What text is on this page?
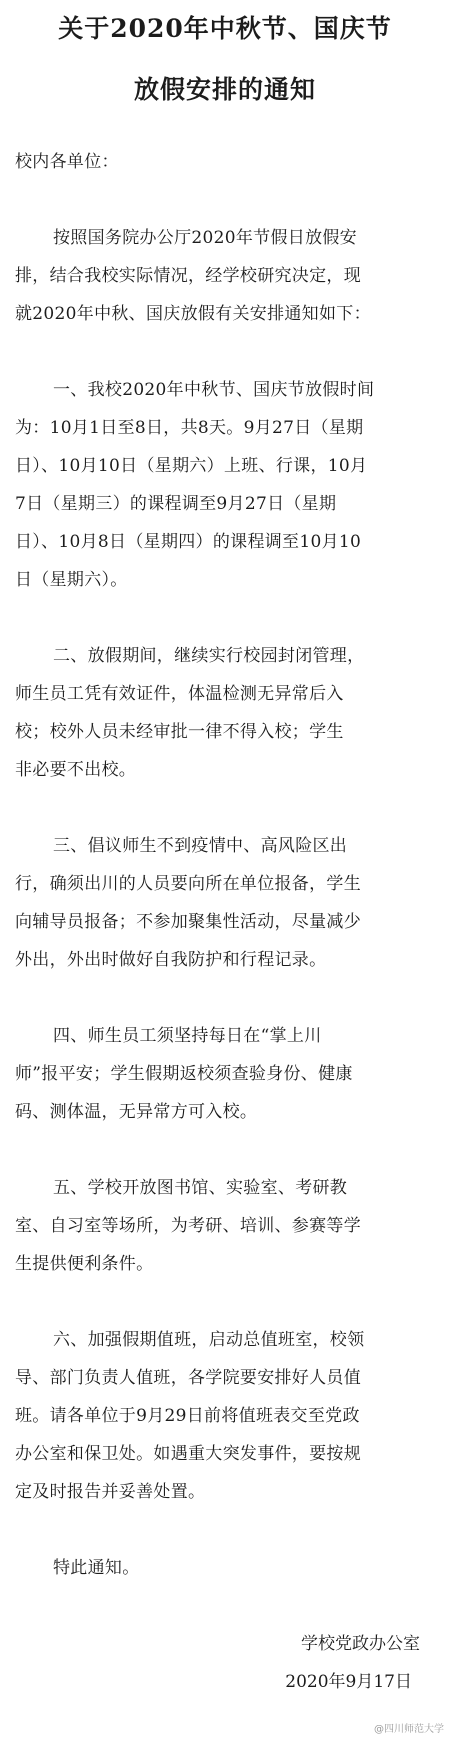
关于2020年中秋节、国庆节
放假安排的通知
校内各单位：
按照国务院办公厅2020年节假日放假安
排，结合我校实际情况，经学校研究决定，现
就2020年中秋、国庆放假有关安排通知如下：
一、我校2020年中秋节、国庆节放假时间
为：10月1日至8日，共8天。9月27日（星期
日）、10月10日（星期六）上班、行课，10月
7日（星期三）的课程调至9月27日（星期
日）、10月8日（星期四）的课程调至10月10
日（星期六）。
二、放假期间，继续实行校园封闭管理，
师生员工凭有效证件，体温检测无异常后入
校；校外人员未经审批一律不得入校；学生
非必要不出校。
三、倡议师生不到疫情中、高风险区出
行，确须出川的人员要向所在单位报备，学生
向辅导员报备；不参加聚集性活动，尽量减少
外出，外出时做好自我防护和行程记录。
四、师生员工须坚持每日在“掌上川
师”报平安；学生假期返校须查验身份、健康
码、测体温，无异常方可入校。
五、学校开放图书馆、实验室、考研教
室、自习室等场所，为考研、培训、参赛等学
生提供便利条件。
六、加强假期值班，启动总值班室，校领
导、部门负责人值班，各学院要安排好人员值
班。请各单位于9月29日前将值班表交至党政
办公室和保卫处。如遇重大突发事件，要按规
定及时报告并妥善处置。
特此通知。
学校党政办公室
2020年9月17日
@四川师范大学
